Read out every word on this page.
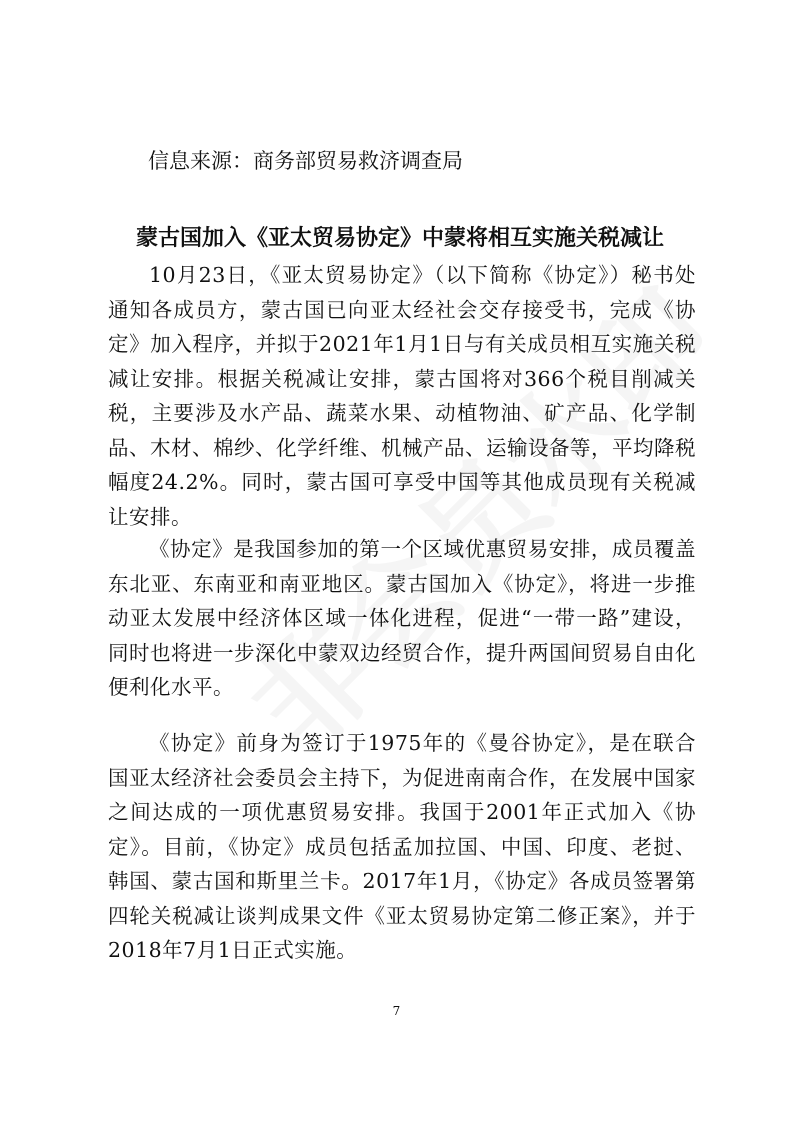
信息来源：商务部贸易救济调查局
蒙古国加入《亚太贸易协定》中蒙将相互实施关税减让

10月23日，《亚太贸易协定》（以下简称《协定》）秘书处通知各成员方，蒙古国已向亚太经社会交存接受书，完成《协定》加入程序，并拟于2021年1月1日与有关成员相互实施关税减让安排。根据关税减让安排，蒙古国将对366个税目削减关税，主要涉及水产品、蔬菜水果、动植物油、矿产品、化学制品、木材、棉纱、化学纤维、机械产品、运输设备等，平均降税幅度24.2%。同时，蒙古国可享受中国等其他成员现有关税减让安排。

《协定》是我国参加的第一个区域优惠贸易安排，成员覆盖东北亚、东南亚和南亚地区。蒙古国加入《协定》，将进一步推动亚太发展中经济体区域一体化进程，促进“一带一路”建设，同时也将进一步深化中蒙双边经贸合作，提升两国间贸易自由化便利化水平。

《协定》前身为签订于1975年的《曼谷协定》，是在联合国亚太经济社会委员会主持下，为促进南南合作，在发展中国家之间达成的一项优惠贸易安排。我国于2001年正式加入《协定》。目前，《协定》成员包括孟加拉国、中国、印度、老挝、韩国、蒙古国和斯里兰卡。2017年1月，《协定》各成员签署第四轮关税减让谈判成果文件《亚太贸易协定第二修正案》，并于2018年7月1日正式实施。

7
